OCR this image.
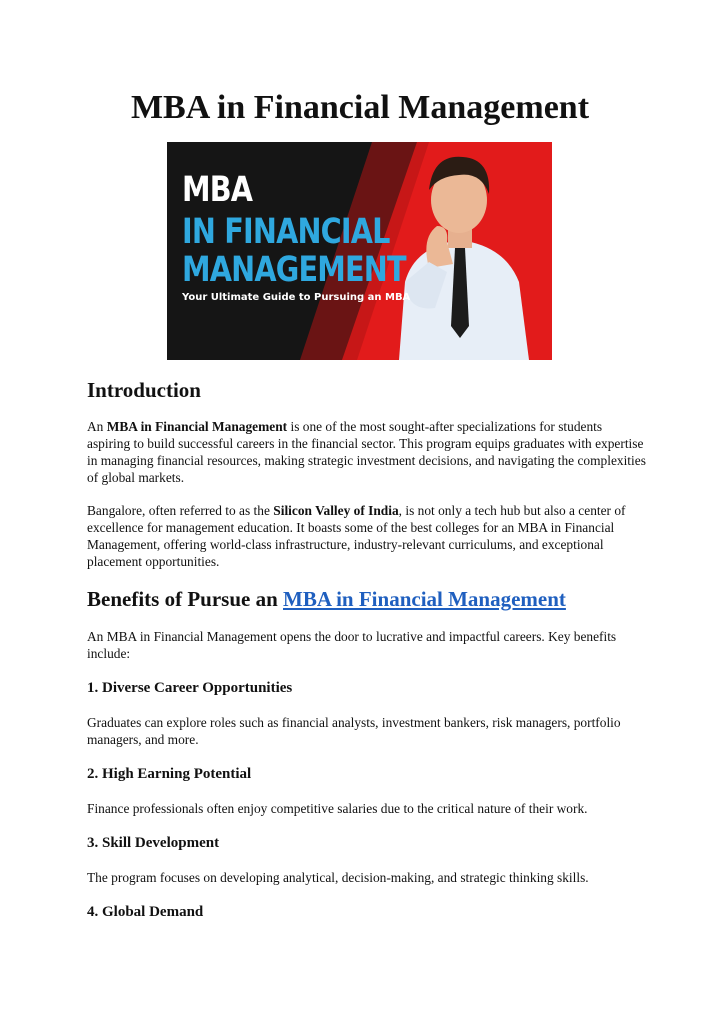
MBA in Financial Management
MBA
IN FINANCIAL
MANAGEMENT
Your Ultimate Guide to Pursuing an MBA
Introduction

An MBA in Financial Management is one of the most sought-after specializations for students aspiring to build successful careers in the financial sector. This program equips graduates with expertise in managing financial resources, making strategic investment decisions, and navigating the complexities of global markets.

Bangalore, often referred to as the Silicon Valley of India, is not only a tech hub but also a center of excellence for management education. It boasts some of the best colleges for an MBA in Financial Management, offering world-class infrastructure, industry-relevant curriculums, and exceptional placement opportunities.

Benefits of Pursue an MBA in Financial Management

An MBA in Financial Management opens the door to lucrative and impactful careers. Key benefits include:

1. Diverse Career Opportunities

Graduates can explore roles such as financial analysts, investment bankers, risk managers, portfolio managers, and more.

2. High Earning Potential

Finance professionals often enjoy competitive salaries due to the critical nature of their work.

3. Skill Development

The program focuses on developing analytical, decision-making, and strategic thinking skills.

4. Global Demand
